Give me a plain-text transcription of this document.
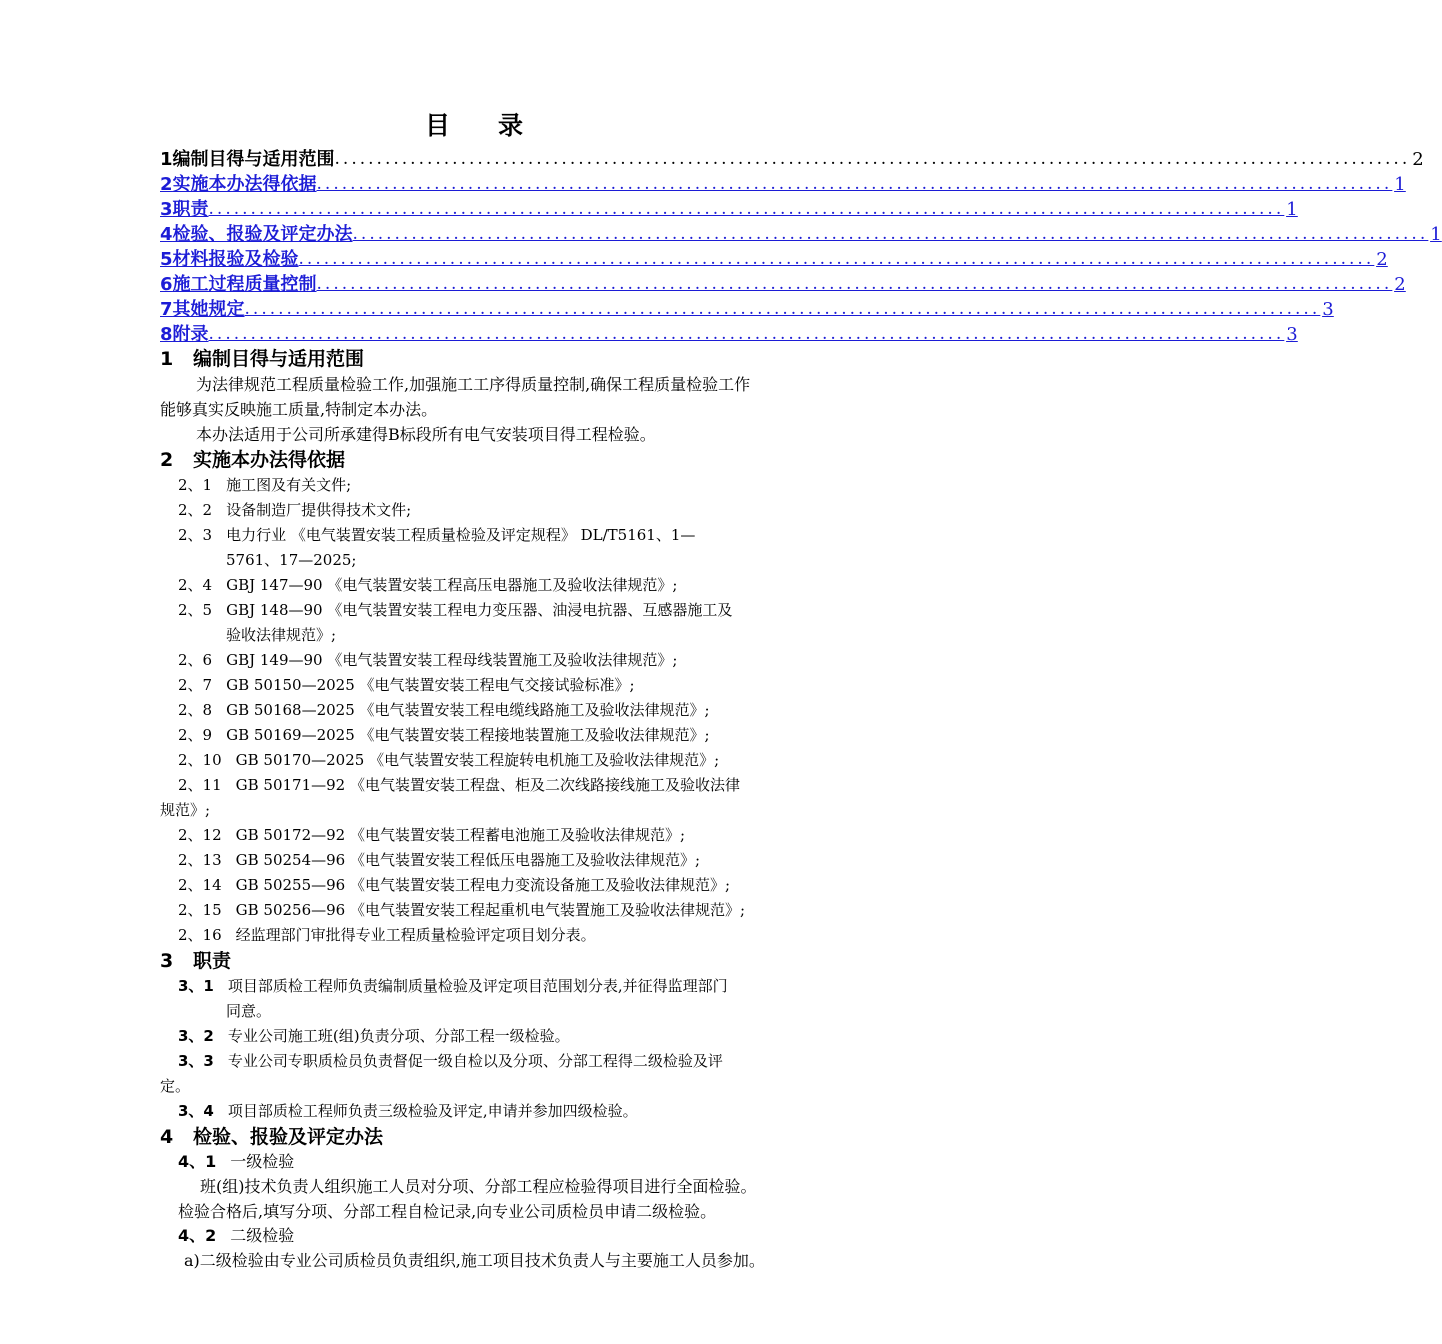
目 录
1 编制目得与适用范围 ................................................................................................................................ 2
2 实施本办法得依据 ................................................................................................................................ 1
3 职责 ................................................................................................................................ 1
4 检验、报验及评定办法 ................................................................................................................................ 1
5 材料报验及检验 ................................................................................................................................ 2
6 施工过程质量控制 ................................................................................................................................ 2
7 其她规定 ................................................................................................................................ 3
8 附录 ................................................................................................................................ 3
1 编制目得与适用范围
为法律规范工程质量检验工作,加强施工工序得质量控制,确保工程质量检验工作
能够真实反映施工质量,特制定本办法。
本办法适用于公司所承建得B标段所有电气安装项目得工程检验。
2 实施本办法得依据
2、1 施工图及有关文件;
2、2 设备制造厂提供得技术文件;
2、3 电力行业 《电气装置安装工程质量检验及评定规程》 DL/T5161、1—
5761、17—2025;
2、4 GBJ 147—90 《电气装置安装工程高压电器施工及验收法律规范》;
2、5 GBJ 148—90 《电气装置安装工程电力变压器、油浸电抗器、互感器施工及
验收法律规范》;
2、6 GBJ 149—90 《电气装置安装工程母线装置施工及验收法律规范》;
2、7 GB 50150—2025 《电气装置安装工程电气交接试验标准》;
2、8 GB 50168—2025 《电气装置安装工程电缆线路施工及验收法律规范》;
2、9 GB 50169—2025 《电气装置安装工程接地装置施工及验收法律规范》;
2、10 GB 50170—2025 《电气装置安装工程旋转电机施工及验收法律规范》;
2、11 GB 50171—92 《电气装置安装工程盘、柜及二次线路接线施工及验收法律
规范》;
2、12 GB 50172—92 《电气装置安装工程蓄电池施工及验收法律规范》;
2、13 GB 50254—96 《电气装置安装工程低压电器施工及验收法律规范》;
2、14 GB 50255—96 《电气装置安装工程电力变流设备施工及验收法律规范》;
2、15 GB 50256—96 《电气装置安装工程起重机电气装置施工及验收法律规范》;
2、16 经监理部门审批得专业工程质量检验评定项目划分表。
3 职责
3、1 项目部质检工程师负责编制质量检验及评定项目范围划分表,并征得监理部门
同意。
3、2 专业公司施工班(组)负责分项、分部工程一级检验。
3、3 专业公司专职质检员负责督促一级自检以及分项、分部工程得二级检验及评
定。
3、4 项目部质检工程师负责三级检验及评定,申请并参加四级检验。
4 检验、报验及评定办法
4、1 一级检验
班(组)技术负责人组织施工人员对分项、分部工程应检验得项目进行全面检验。
检验合格后,填写分项、分部工程自检记录,向专业公司质检员申请二级检验。
4、2 二级检验
a)二级检验由专业公司质检员负责组织,施工项目技术负责人与主要施工人员参加。
